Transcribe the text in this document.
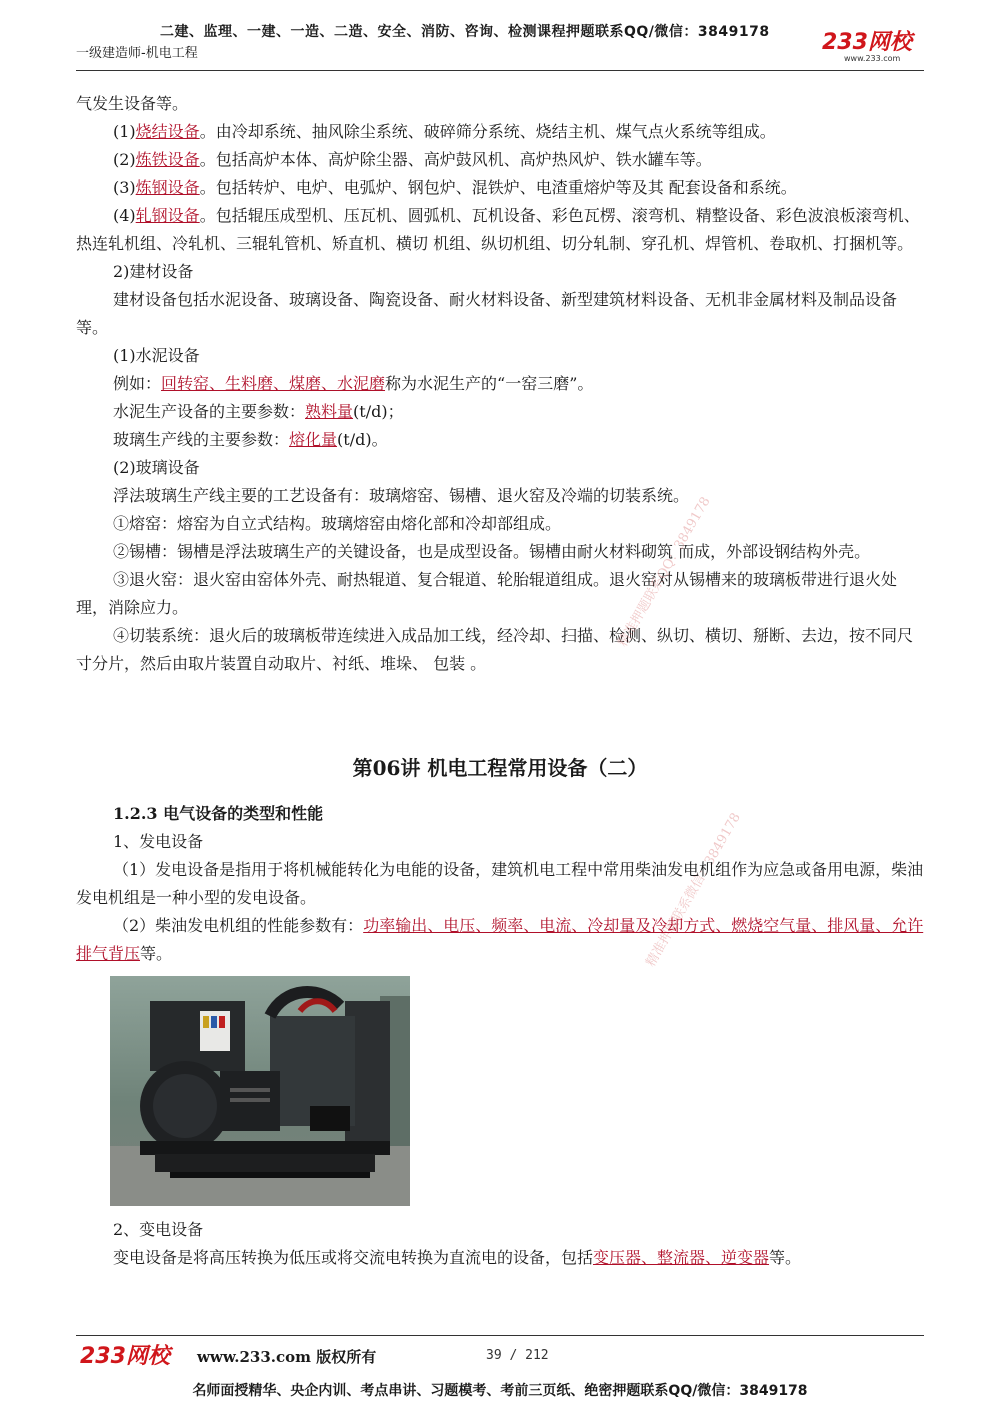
二建、监理、一建、一造、二造、安全、消防、咨询、检测课程押题联系QQ/微信：3849178
一级建造师-机电工程	233网校
www.233.com

气发生设备等。

(1)烧结设备。由冷却系统、抽风除尘系统、破碎筛分系统、烧结主机、煤气点火系统等组成。

(2)炼铁设备。包括高炉本体、高炉除尘器、高炉鼓风机、高炉热风炉、铁水罐车等。

(3)炼钢设备。包括转炉、电炉、电弧炉、钢包炉、混铁炉、电渣重熔炉等及其 配套设备和系统。

(4)轧钢设备。包括辊压成型机、压瓦机、圆弧机、瓦机设备、彩色瓦楞、滚弯机、精整设备、彩色波浪板滚弯机、热连轧机组、冷轧机、三辊轧管机、矫直机、横切 机组、纵切机组、切分轧制、穿孔机、焊管机、卷取机、打捆机等。

2)建材设备

建材设备包括水泥设备、玻璃设备、陶瓷设备、耐火材料设备、新型建筑材料设备、无机非金属材料及制品设备等。

(1)水泥设备

例如：回转窑、生料磨、煤磨、水泥磨称为水泥生产的“一窑三磨”。

水泥生产设备的主要参数：熟料量(t/d)；

玻璃生产线的主要参数：熔化量(t/d)。

(2)玻璃设备

浮法玻璃生产线主要的工艺设备有：玻璃熔窑、锡槽、退火窑及冷端的切装系统。

①熔窑：熔窑为自立式结构。玻璃熔窑由熔化部和冷却部组成。

②锡槽：锡槽是浮法玻璃生产的关键设备，也是成型设备。锡槽由耐火材料砌筑 而成，外部设钢结构外壳。

③退火窑：退火窑由窑体外壳、耐热辊道、复合辊道、轮胎辊道组成。退火窑对从锡槽来的玻璃板带进行退火处理，消除应力。

④切装系统：退火后的玻璃板带连续进入成品加工线，经冷却、扫描、检测、纵切、横切、掰断、去边，按不同尺寸分片，然后由取片装置自动取片、衬纸、堆垛、 包装 。

精准押题联系QQ：3849178
精准押题联系微信：3849178
第06讲 机电工程常用设备（二）

1.2.3 电气设备的类型和性能

1、发电设备

（1）发电设备是指用于将机械能转化为电能的设备，建筑机电工程中常用柴油发电机组作为应急或备用电源，柴油发电机组是一种小型的发电设备。

（2）柴油发电机组的性能参数有：功率输出、电压、频率、电流、冷却量及冷却方式、燃烧空气量、排风量、允许排气背压等。

2、变电设备

变电设备是将高压转换为低压或将交流电转换为直流电的设备，包括变压器、整流器、逆变器等。

233网校 www.233.com 版权所有	39 / 212
名师面授精华、央企内训、考点串讲、习题模考、考前三页纸、绝密押题联系QQ/微信：3849178
